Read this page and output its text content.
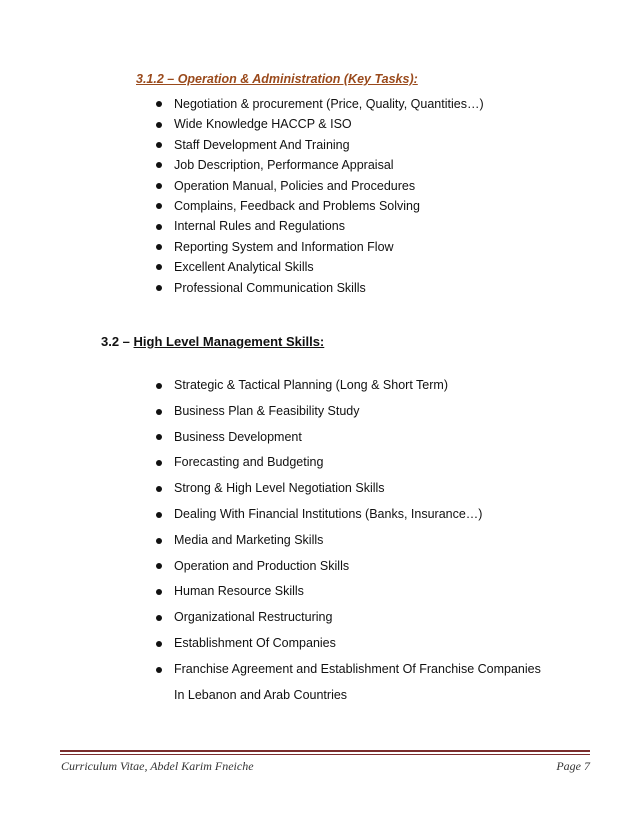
3.1.2 – Operation & Administration (Key Tasks):
Negotiation & procurement (Price, Quality, Quantities…)
Wide Knowledge HACCP & ISO
Staff Development And Training
Job Description, Performance Appraisal
Operation Manual, Policies and Procedures
Complains, Feedback and Problems Solving
Internal Rules and Regulations
Reporting System and Information Flow
Excellent Analytical Skills
Professional Communication Skills
3.2 – High Level Management Skills:
Strategic & Tactical Planning (Long & Short Term)
Business Plan & Feasibility Study
Business Development
Forecasting and Budgeting
Strong & High Level Negotiation Skills
Dealing With Financial Institutions (Banks, Insurance…)
Media and Marketing Skills
Operation and Production Skills
Human Resource Skills
Organizational Restructuring
Establishment Of Companies
Franchise Agreement and Establishment Of Franchise Companies
In Lebanon and Arab Countries
Curriculum Vitae, Abdel Karim Fneiche	Page 7
